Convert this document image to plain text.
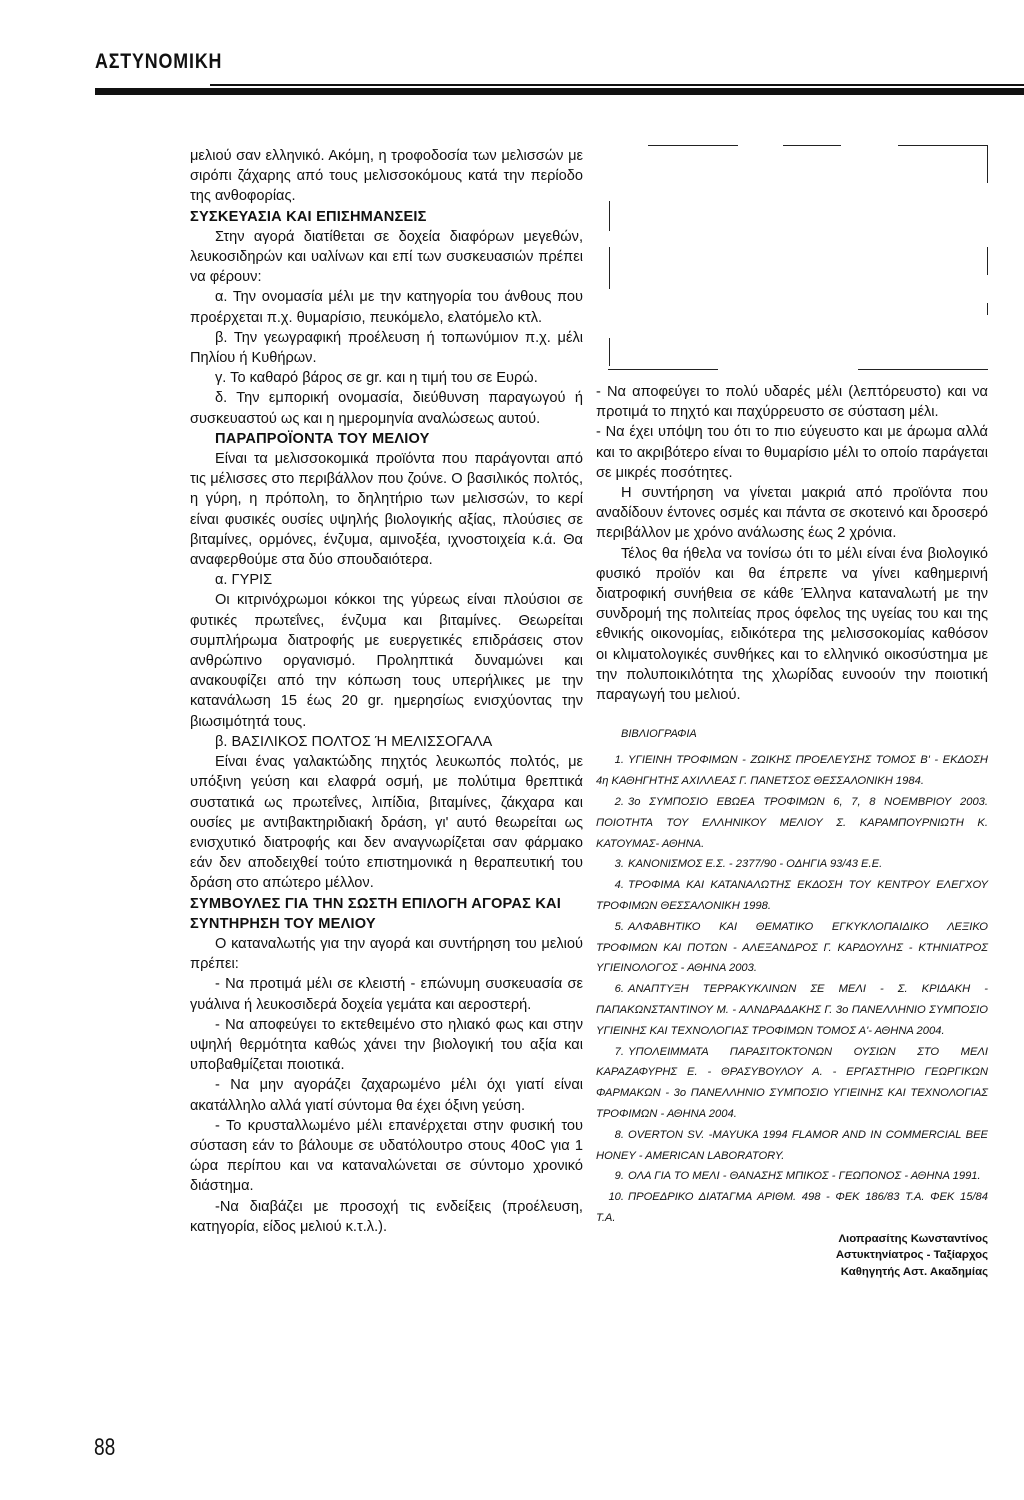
ΑΣΤΥΝΟΜΙΚΗ

μελιού σαν ελληνικό. Ακόμη, η τροφοδοσία των μελισσών με σιρόπι ζάχαρης από τους μελισσοκόμους κατά την περίοδο της ανθοφορίας.

ΣΥΣΚΕΥΑΣΙΑ ΚΑΙ ΕΠΙΣΗΜΑΝΣΕΙΣ

Στην αγορά διατίθεται σε δοχεία διαφόρων μεγεθών, λευκοσιδηρών και υαλίνων και επί των συσκευασιών πρέπει να φέρουν:

α. Την ονομασία μέλι με την κατηγορία του άνθους που προέρχεται π.χ. θυμαρίσιο, πευκόμελο, ελατόμελο κτλ.

β. Την γεωγραφική προέλευση ή τοπωνύμιον π.χ. μέλι Πηλίου ή Κυθήρων.

γ. Το καθαρό βάρος σε gr. και η τιμή του σε Ευρώ.

δ. Την εμπορική ονομασία, διεύθυνση παραγωγού ή συσκευαστού ως και η ημερομηνία αναλώσεως αυτού.

ΠΑΡΑΠΡΟΪΟΝΤΑ ΤΟΥ ΜΕΛΙΟΥ

Είναι τα μελισσοκομικά προϊόντα που παράγονται από τις μέλισσες στο περιβάλλον που ζούνε. Ο βασιλικός πολτός, η γύρη, η πρόπολη, το δηλητήριο των μελισσών, το κερί είναι φυσικές ουσίες υψηλής βιολογικής αξίας, πλούσιες σε βιταμίνες, ορμόνες, ένζυμα, αμινοξέα, ιχνοστοιχεία κ.ά. Θα αναφερθούμε στα δύο σπουδαιότερα.

α. ΓΥΡΙΣ

Οι κιτρινόχρωμοι κόκκοι της γύρεως είναι πλούσιοι σε φυτικές πρωτεΐνες, ένζυμα και βιταμίνες. Θεωρείται συμπλήρωμα διατροφής με ευεργετικές επιδράσεις στον ανθρώπινο οργανισμό. Προληπτικά δυναμώνει και ανακουφίζει από την κόπωση τους υπερήλικες με την κατανάλωση 15 έως 20 gr. ημερησίως ενισχύοντας την βιωσιμότητά τους.

β. ΒΑΣΙΛΙΚΟΣ ΠΟΛΤΟΣ Ή ΜΕΛΙΣΣΟΓΑΛΑ

Είναι ένας γαλακτώδης πηχτός λευκωπός πολτός, με υπόξινη γεύση και ελαφρά οσμή, με πολύτιμα θρεπτικά συστατικά ως πρωτεΐνες, λιπίδια, βιταμίνες, ζάκχαρα και ουσίες με αντιβακτηριδιακή δράση, γι' αυτό θεωρείται ως ενισχυτικό διατροφής και δεν αναγνωρίζεται σαν φάρμακο εάν δεν αποδειχθεί τούτο επιστημονικά η θεραπευτική του δράση στο απώτερο μέλλον.

ΣΥΜΒΟΥΛΕΣ ΓΙΑ ΤΗΝ ΣΩΣΤΗ ΕΠΙΛΟΓΗ ΑΓΟΡΑΣ ΚΑΙ ΣΥΝΤΗΡΗΣΗ ΤΟΥ ΜΕΛΙΟΥ

Ο καταναλωτής για την αγορά και συντήρηση του μελιού πρέπει:

- Να προτιμά μέλι σε κλειστή - επώνυμη συσκευασία σε γυάλινα ή λευκοσιδερά δοχεία γεμάτα και αεροστερή.

- Να αποφεύγει το εκτεθειμένο στο ηλιακό φως και στην υψηλή θερμότητα καθώς χάνει την βιολογική του αξία και υποβαθμίζεται ποιοτικά.

- Να μην αγοράζει ζαχαρωμένο μέλι όχι γιατί είναι ακατάλληλο αλλά γιατί σύντομα θα έχει όξινη γεύση.

- Το κρυσταλλωμένο μέλι επανέρχεται στην φυσική του σύσταση εάν το βάλουμε σε υδατόλουτρο στους 40oC για 1 ώρα περίπου και να καταναλώνεται σε σύντομο χρονικό διάστημα.

-Να διαβάζει με προσοχή τις ενδείξεις (προέλευση, κατηγορία, είδος μελιού κ.τ.λ.).

- Να αποφεύγει το πολύ υδαρές μέλι (λεπτόρευστο) και να προτιμά το πηχτό και παχύρρευστο σε σύσταση μέλι.

- Να έχει υπόψη του ότι το πιο εύγευστο και με άρωμα αλλά και το ακριβότερο είναι το θυμαρίσιο μέλι το οποίο παράγεται σε μικρές ποσότητες.

Η συντήρηση να γίνεται μακριά από προϊόντα που αναδίδουν έντονες οσμές και πάντα σε σκοτεινό και δροσερό περιβάλλον με χρόνο ανάλωσης έως 2 χρόνια.

Τέλος θα ήθελα να τονίσω ότι το μέλι είναι ένα βιολογικό φυσικό προϊόν και θα έπρεπε να γίνει καθημερινή διατροφική συνήθεια σε κάθε Έλληνα καταναλωτή με την συνδρομή της πολιτείας προς όφελος της υγείας του και της εθνικής οικονομίας, ειδικότερα της μελισσοκομίας καθόσον οι κλιματολογικές συνθήκες και το ελληνικό οικοσύστημα με την πολυποικιλότητα της χλωρίδας ευνοούν την ποιοτική παραγωγή του μελιού.

ΒΙΒΛΙΟΓΡΑΦΙΑ

1. ΥΓΙΕΙΝΗ ΤΡΟΦΙΜΩΝ - ΖΩΙΚΗΣ ΠΡΟΕΛΕΥΣΗΣ ΤΟΜΟΣ Β' - ΕΚΔΟΣΗ 4η ΚΑΘΗΓΗΤΗΣ ΑΧΙΛΛΕΑΣ Γ. ΠΑΝΕΤΣΟΣ ΘΕΣΣΑΛΟΝΙΚΗ 1984.
2. 3ο ΣΥΜΠΟΣΙΟ ΕΒΩΕΑ ΤΡΟΦΙΜΩΝ 6, 7, 8 ΝΟΕΜΒΡΙΟΥ 2003. ΠΟΙΟΤΗΤΑ ΤΟΥ ΕΛΛΗΝΙΚΟΥ ΜΕΛΙΟΥ Σ. ΚΑΡΑΜΠΟΥΡΝΙΩΤΗ Κ. ΚΑΤΟΥΜΑΣ- ΑΘΗΝΑ.
3. ΚΑΝΟΝΙΣΜΟΣ Ε.Σ. - 2377/90 - ΟΔΗΓΙΑ 93/43 Ε.Ε.
4. ΤΡΟΦΙΜΑ ΚΑΙ ΚΑΤΑΝΑΛΩΤΗΣ ΕΚΔΟΣΗ ΤΟΥ ΚΕΝΤΡΟΥ ΕΛΕΓΧΟΥ ΤΡΟΦΙΜΩΝ ΘΕΣΣΑΛΟΝΙΚΗ 1998.
5. ΑΛΦΑΒΗΤΙΚΟ ΚΑΙ ΘΕΜΑΤΙΚΟ ΕΓΚΥΚΛΟΠΑΙΔΙΚΟ ΛΕΞΙΚΟ ΤΡΟΦΙΜΩΝ ΚΑΙ ΠΟΤΩΝ - ΑΛΕΞΑΝΔΡΟΣ Γ. ΚΑΡΔΟΥΛΗΣ - ΚΤΗΝΙΑΤΡΟΣ ΥΓΙΕΙΝΟΛΟΓΟΣ - ΑΘΗΝΑ 2003.
6. ΑΝΑΠΤΥΞΗ ΤΕΡΡΑΚΥΚΛΙΝΩΝ ΣΕ ΜΕΛΙ - Σ. ΚΡΙΔΑΚΗ - ΠΑΠΑΚΩΝΣΤΑΝΤΙΝΟΥ Μ. - ΑΛΝΔΡΑΔΑΚΗΣ Γ. 3ο ΠΑΝΕΛΛΗΝΙΟ ΣΥΜΠΟΣΙΟ ΥΓΙΕΙΝΗΣ ΚΑΙ ΤΕΧΝΟΛΟΓΙΑΣ ΤΡΟΦΙΜΩΝ ΤΟΜΟΣ Α'- ΑΘΗΝΑ 2004.
7. ΥΠΟΛΕΙΜΜΑΤΑ ΠΑΡΑΣΙΤΟΚΤΟΝΩΝ ΟΥΣΙΩΝ ΣΤΟ ΜΕΛΙ ΚΑΡΑΖΑΦΥΡΗΣ Ε. - ΘΡΑΣΥΒΟΥΛΟΥ Α. - ΕΡΓΑΣΤΗΡΙΟ ΓΕΩΡΓΙΚΩΝ ΦΑΡΜΑΚΩΝ - 3ο ΠΑΝΕΛΛΗΝΙΟ ΣΥΜΠΟΣΙΟ ΥΓΙΕΙΝΗΣ ΚΑΙ ΤΕΧΝΟΛΟΓΙΑΣ ΤΡΟΦΙΜΩΝ - ΑΘΗΝΑ 2004.
8. OVERTON SV. -MAYUKA 1994 FLAMOR AND IN COMMERCIAL BEE HONEY - AMERICAN LABORATORY.
9. ΟΛΑ ΓΙΑ ΤΟ ΜΕΛΙ - ΘΑΝΑΣΗΣ ΜΠΙΚΟΣ - ΓΕΩΠΟΝΟΣ - ΑΘΗΝΑ 1991.
10. ΠΡΟΕΔΡΙΚΟ ΔΙΑΤΑΓΜΑ ΑΡΙΘΜ. 498 - ΦΕΚ 186/83 Τ.Α. ΦΕΚ 15/84 Τ.Α.
Λιοπρασίτης Κωνσταντίνος
Αστυκτηνίατρος - Ταξίαρχος
Καθηγητής Αστ. Ακαδημίας
88
